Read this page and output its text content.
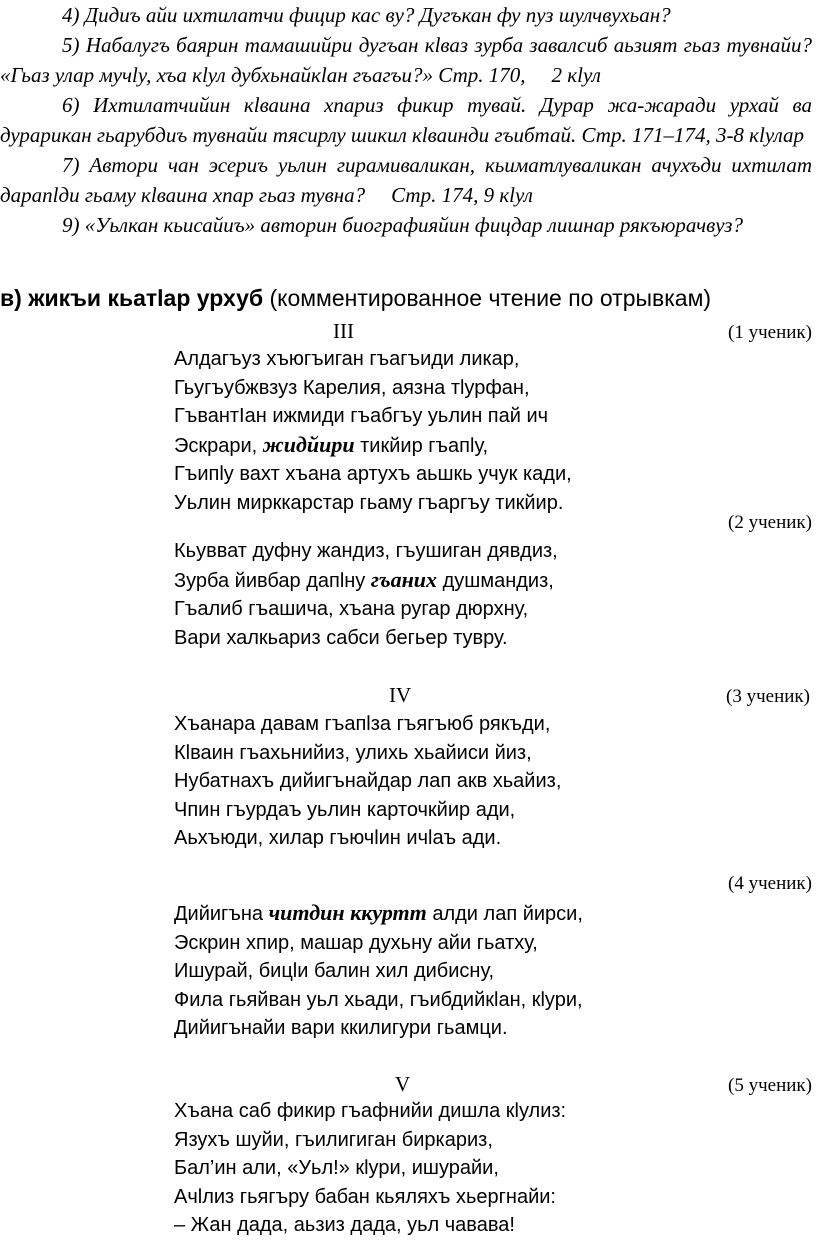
4) Дидиъ айи ихтилатчи фицир кас ву? Дугъкан фу пуз шулчвухьан?

5) Набалугъ баярин тамашийри дугъан кӏваз зурба завалсиб аьзият гьаз тувнайи? «Гьаз улар мучӏу, хъа кӏул дубхьнайкӏан гъагъи?» Стр. 170, 2 кӏул

6) Ихтилатчийин кӏваина хпариз фикир тувай. Дурар жа-жаради урхай ва дурарикан гьарубдиъ тувнайи тясирлу шикил кӏваинди гъибтай. Стр. 171–174, 3-8 кӏулар

7) Автори чан эсериъ уьлин гирамиваликан, кьиматлуваликан ачухъди ихтилат дарапӏди гьаму кӏваина хпар гьаз тувна? Стр. 174, 9 кӏул

9) «Уьлкан кьисайиъ» авторин биографияйин фицдар лишнар рякъюрачвуз?

в) жикъи кьатӏар урхуб (комментированное чтение по отрывкам)
III	(1 ученик)
Алдагъуз хъюгъиган гъагъиди ликар,
Гьугъубжвзуз Карелия, аязна тӏурфан,
ГъвантӀан ижмиди гъабгъу уьлин пай ич
Эскрари, жидйири тикйир гъапӏу,
Гъипӏу вахт хъана артухъ аьшкь учук кади,
Уьлин мирккарстар гьаму гъаргъу тикйир.
(2 ученик)
Кьувват дуфну жандиз, гъушиган дявдиз,
Зурба йивбар дапӏну гъаних душмандиз,
Гъалиб гъашича, хъана ругар дюрхну,
Вари халкьариз сабси бегьер тувру.
IV	(3 ученик)
Хъанара давам гъапӏза гъягъюб рякъди,
Кӏваин гъахьнийиз, улихь хьайиси йиз,
Нубатнахъ дийигънайдар лап акв хьайиз,
Чпин гъурдаъ уьлин карточкйир ади,
Аьхъюди, хилар гъючӏин ичӏаъ ади.
(4 ученик)
Дийигъна читдин ккуртт алди лап йирси,
Эскрин хпир, машар духьну айи гьатху,
Ишурай, бицӏи балин хил дибисну,
Фила гьяйван уьл хьади, гъибдийкӏан, кӏури,
Дийигънайи вари ккилигури гьамци.
V	(5 ученик)
Хъана саб фикир гъафнийи дишла кӏулиз:
Язухъ шуйи, гъилигиган биркариз,
Бал’ин али, «Уьл!» кӏури, ишурайи,
Ачӏлиз гьягъру бабан кьяляхъ хьергнайи:
– Жан дада, аьзиз дада, уьл чавава!
